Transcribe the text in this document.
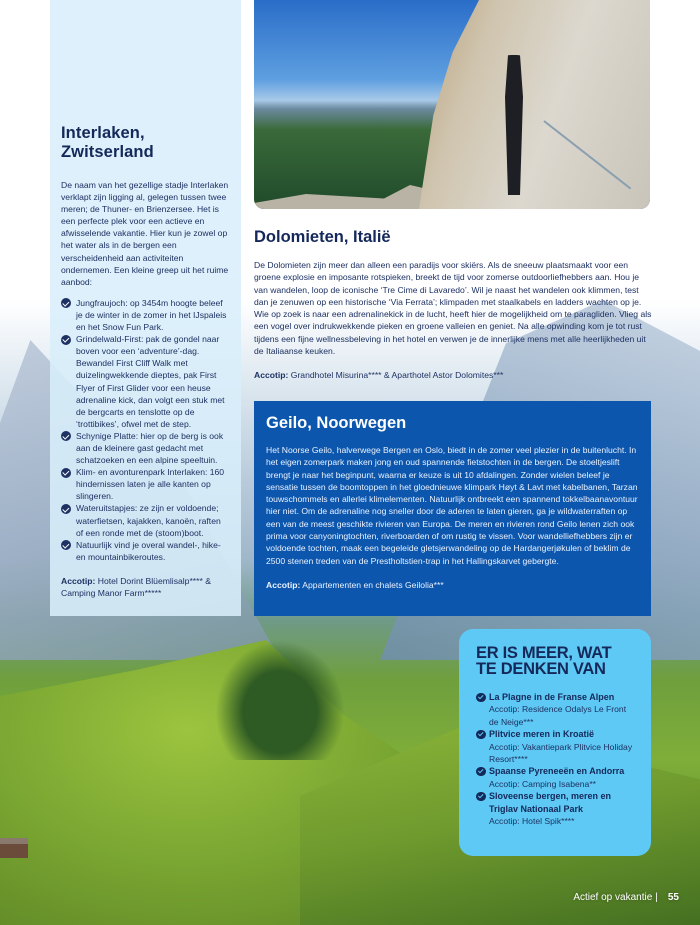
Interlaken,
Zwitserland

De naam van het gezellige stadje Interlaken verklapt zijn ligging al, gelegen tussen twee meren; de Thuner- en Brienzersee. Het is een perfecte plek voor een actieve en afwisselende vakantie. Hier kun je zowel op het water als in de bergen een verscheidenheid aan activiteiten ondernemen. Een kleine greep uit het ruime aanbod:

Jungfraujoch: op 3454m hoogte beleef je de winter in de zomer in het IJspaleis en het Snow Fun Park.
Grindelwald-First: pak de gondel naar boven voor een ‘adventure’-dag. Bewandel First Cliff Walk met duizelingwekkende dieptes, pak First Flyer of First Glider voor een heuse adrenaline kick, dan volgt een stuk met de bergcarts en tenslotte op de ‘trottibikes’, ofwel met de step.
Schynige Platte: hier op de berg is ook aan de kleinere gast gedacht met schatzoeken en een alpine speeltuin.
Klim- en avonturenpark Interlaken: 160 hindernissen laten je alle kanten op slingeren.
Wateruitstapjes: ze zijn er voldoende; waterfietsen, kajakken, kanoën, raften of een ronde met de (stoom)boot.
Natuurlijk vind je overal wandel-, hike- en mountainbikeroutes.

Accotip: Hotel Dorint Blüemlisalp**** & Camping Manor Farm*****

Dolomieten, Italië

De Dolomieten zijn meer dan alleen een paradijs voor skiërs. Als de sneeuw plaatsmaakt voor een groene explosie en imposante rotspieken, breekt de tijd voor zomerse outdoorliefhebbers aan. Hou je van wandelen, loop de iconische ‘Tre Cime di Lavaredo’. Wil je naast het wandelen ook klimmen, test dan je zenuwen op een historische ‘Via Ferrata’; klimpaden met staalkabels en ladders wachten op je. Wie op zoek is naar een adrenalinekick in de lucht, heeft hier de mogelijkheid om te paragliden. Vlieg als een vogel over indrukwekkende pieken en groene valleien en geniet. Na alle opwinding kom je tot rust tijdens een fijne wellnessbeleving in het hotel en verwen je de innerlijke mens met alle heerlijkheden uit de Italiaanse keuken.

Accotip: Grandhotel Misurina**** & Aparthotel Astor Dolomites***

Geilo, Noorwegen

Het Noorse Geilo, halverwege Bergen en Oslo, biedt in de zomer veel plezier in de buitenlucht. In het eigen zomerpark maken jong en oud spannende fietstochten in de bergen. De stoeltjeslift brengt je naar het beginpunt, waarna er keuze is uit 10 afdalingen. Zonder wielen beleef je sensatie tussen de boomtoppen in het gloednieuwe klimpark Høyt & Lavt met kabelbanen, Tarzan touwschommels en allerlei klimelementen. Natuurlijk ontbreekt een spannend tokkelbaanavontuur hier niet. Om de adrenaline nog sneller door de aderen te laten gieren, ga je wildwaterraften op een van de meest geschikte rivieren van Europa. De meren en rivieren rond Geilo lenen zich ook prima voor canyoningtochten, riverboarden of om rustig te vissen. Voor wandelliefhebbers zijn er voldoende tochten, maak een begeleide gletsjerwandeling op de Hardangerjøkulen of beklim de 2500 stenen treden van de Prestholtstien-trap in het Hallingskarvet gebergte.

Accotip: Appartementen en chalets Geilolia***

ER IS MEER, WAT
TE DENKEN VAN
La Plagne in de Franse Alpen
Accotip: Residence Odalys Le Front de Neige***
Plitvice meren in Kroatië
Accotip: Vakantiepark Plitvice Holiday Resort****
Spaanse Pyreneeën en Andorra
Accotip: Camping Isabena**
Sloveense bergen, meren en Triglav Nationaal Park
Accotip: Hotel Spik****
Actief op vakantie | 55
